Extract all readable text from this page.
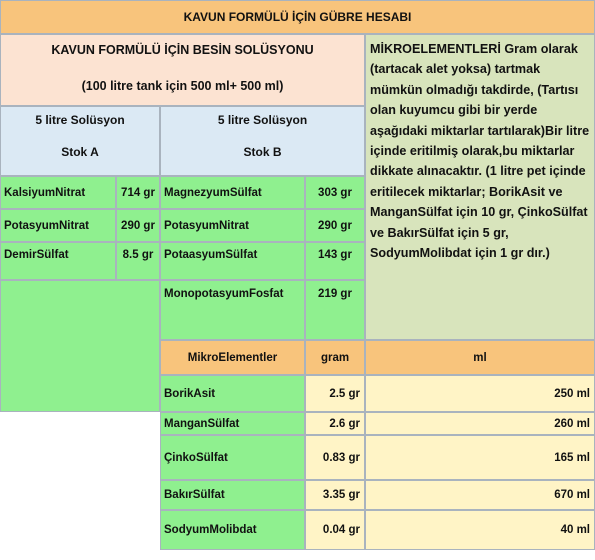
KAVUN FORMÜLÜ İÇİN GÜBRE HESABI
KAVUN FORMÜLÜ İÇİN BESİN SOLÜSYONU
(100 litre tank için 500 ml+ 500 ml)
MİKROELEMENTLERİ Gram olarak (tartacak alet yoksa) tartmak mümkün olmadığı takdirde, (Tartısı olan kuyumcu gibi bir yerde aşağıdaki miktarlar tartılarak)Bir litre içinde eritilmiş olarak,bu miktarlar dikkate alınacaktır. (1 litre pet içinde eritilecek miktarlar; BorikAsit ve ManganSülfat için 10 gr, ÇinkoSülfat ve BakırSülfat için 5 gr, SodyumMolibdat için 1 gr dır.)
5 litre Solüsyon
Stok A
5 litre Solüsyon
Stok B
KalsiyumNitrat	714 gr
PotasyumNitrat	290 gr
DemirSülfat	8.5 gr
MagnezyumSülfat	303 gr
PotasyumNitrat	290 gr
PotaasyumSülfat	143 gr
MonopotasyumFosfat	219 gr
MikroElementler	gram	ml
BorikAsit	2.5 gr	250 ml
ManganSülfat	2.6 gr	260 ml
ÇinkoSülfat	0.83 gr	165 ml
BakırSülfat	3.35 gr	670 ml
SodyumMolibdat	0.04 gr	40 ml
